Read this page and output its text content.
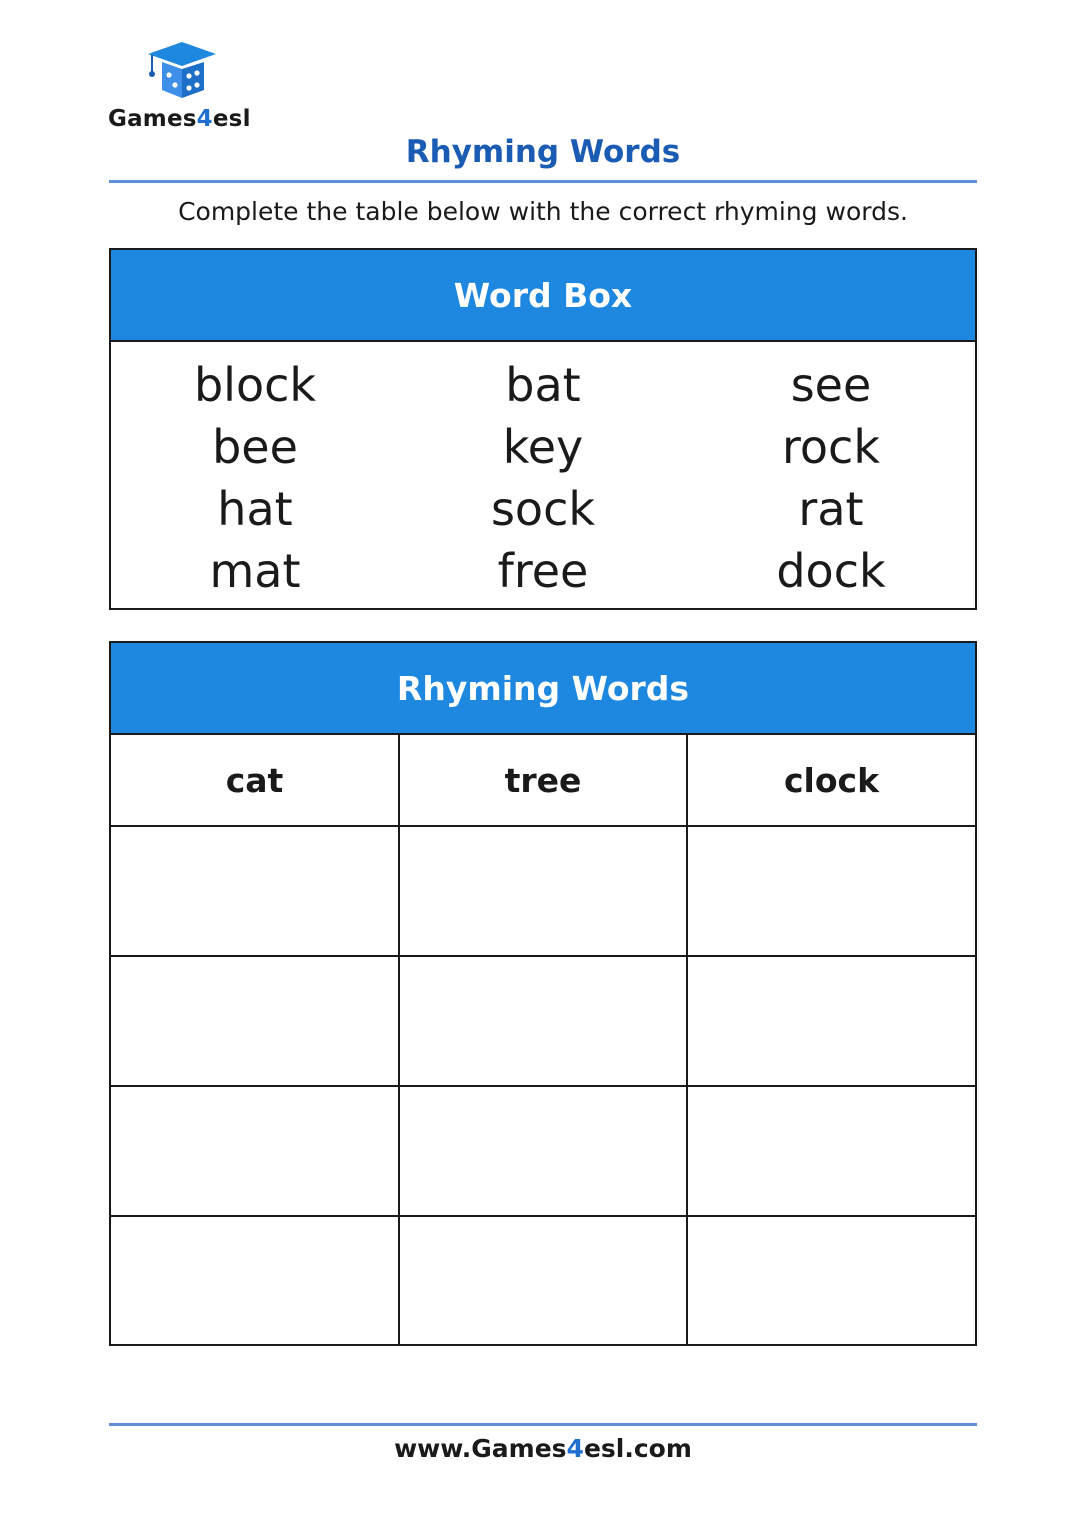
Games4esl
Rhyming Words
Complete the table below with the correct rhyming words.
Word Box
block	bat	see
bee	key	rock
hat	sock	rat
mat	free	dock
Rhyming Words
cat	tree	clock

www.Games4esl.com
